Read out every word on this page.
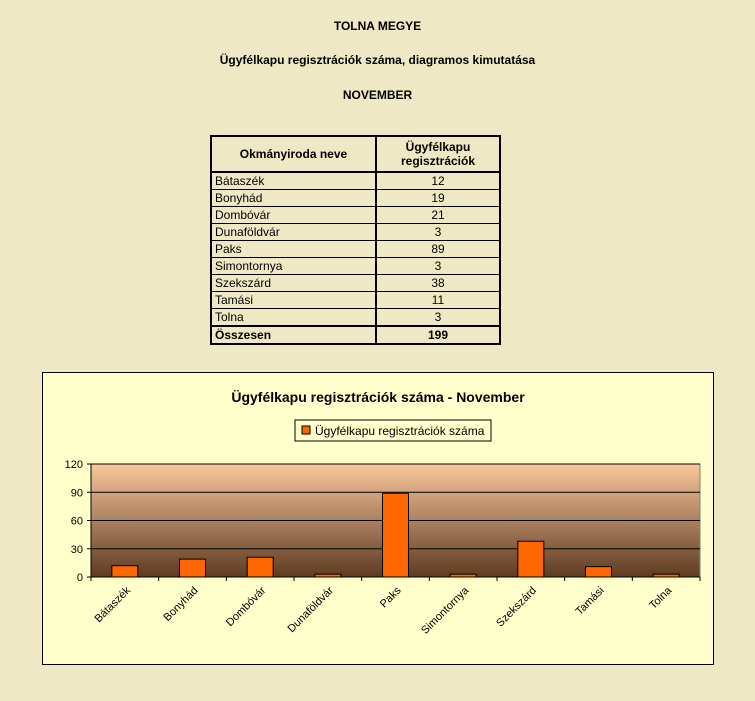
TOLNA MEGYE
Ügyfélkapu regisztrációk száma, diagramos kimutatása
NOVEMBER
Okmányiroda neve	Ügyfélkapu regisztrációk
Bátaszék	12
Bonyhád	19
Dombóvár	21
Dunaföldvár	3
Paks	89
Simontornya	3
Szekszárd	38
Tamási	11
Tolna	3
Összesen	199
Ügyfélkapu regisztrációk száma - November
Ügyfélkapu regisztrációk száma
0
30
60
90
120
Bátaszék	Bonyhád Dombóvár Dunaföldvár	Paks Simontornya Szekszárd	Tamási	Tolna
